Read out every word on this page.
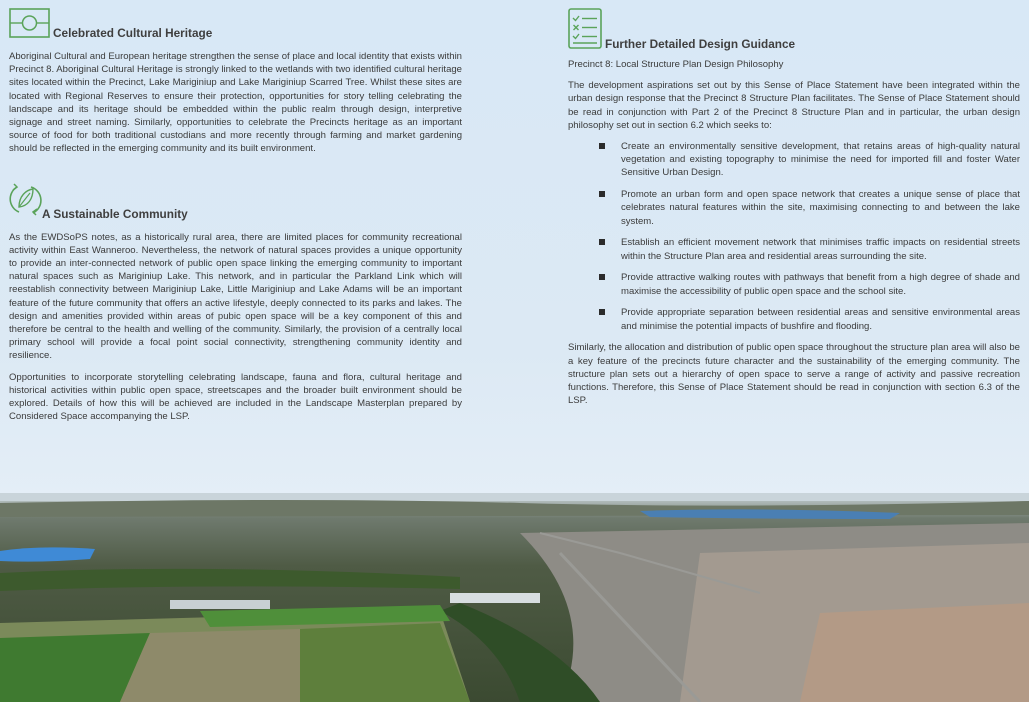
Celebrated Cultural Heritage

Aboriginal Cultural and European heritage strengthen the sense of place and local identity that exists within Precinct 8. Aboriginal Cultural Heritage is strongly linked to the wetlands with two identified cultural heritage sites located within the Precinct, Lake Mariginiup and Lake Mariginiup Scarred Tree. Whilst these sites are located with Regional Reserves to ensure their protection, opportunities for story telling celebrating the landscape and its heritage should be embedded within the public realm through design, interpretive signage and street naming. Similarly, opportunities to celebrate the Precincts heritage as an important source of food for both traditional custodians and more recently through farming and market gardening should be reflected in the emerging community and its built environment.

A Sustainable Community

As the EWDSoPS notes, as a historically rural area, there are limited places for community recreational activity within East Wanneroo. Nevertheless, the network of natural spaces provides a unique opportunity to provide an inter-connected network of public open space linking the emerging community to important natural spaces such as Mariginiup Lake. This network, and in particular the Parkland Link which will reestablish connectivity between Mariginiup Lake, Little Mariginiup and Lake Adams will be an important feature of the future community that offers an active lifestyle, deeply connected to its parks and lakes. The design and amenities provided within areas of pubic open space will be a key component of this and therefore be central to the health and welling of the community. Similarly, the provision of a centrally local primary school will provide a focal point social connectivity, strengthening community identity and resilience.

Opportunities to incorporate storytelling celebrating landscape, fauna and flora, cultural heritage and historical activities within public open space, streetscapes and the broader built environment should be explored. Details of how this will be achieved are included in the Landscape Masterplan prepared by Considered Space accompanying the LSP.

Further Detailed Design Guidance

Precinct 8: Local Structure Plan Design Philosophy

The development aspirations set out by this Sense of Place Statement have been integrated within the urban design response that the Precinct 8 Structure Plan facilitates. The Sense of Place Statement should be read in conjunction with Part 2 of the Precinct 8 Structure Plan and in particular, the urban design philosophy set out in section 6.2 which seeks to:

Create an environmentally sensitive development, that retains areas of high-quality natural vegetation and existing topography to minimise the need for imported fill and foster Water Sensitive Urban Design.
Promote an urban form and open space network that creates a unique sense of place that celebrates natural features within the site, maximising connecting to and between the lake system.
Establish an efficient movement network that minimises traffic impacts on residential streets within the Structure Plan area and residential areas surrounding the site.
Provide attractive walking routes with pathways that benefit from a high degree of shade and maximise the accessibility of public open space and the school site.
Provide appropriate separation between residential areas and sensitive environmental areas and minimise the potential impacts of bushfire and flooding.

Similarly, the allocation and distribution of public open space throughout the structure plan area will also be a key feature of the precincts future character and the sustainability of the emerging community. The structure plan sets out a hierarchy of open space to serve a range of activity and passive recreation functions. Therefore, this Sense of Place Statement should be read in conjunction with section 6.3 of the LSP.
